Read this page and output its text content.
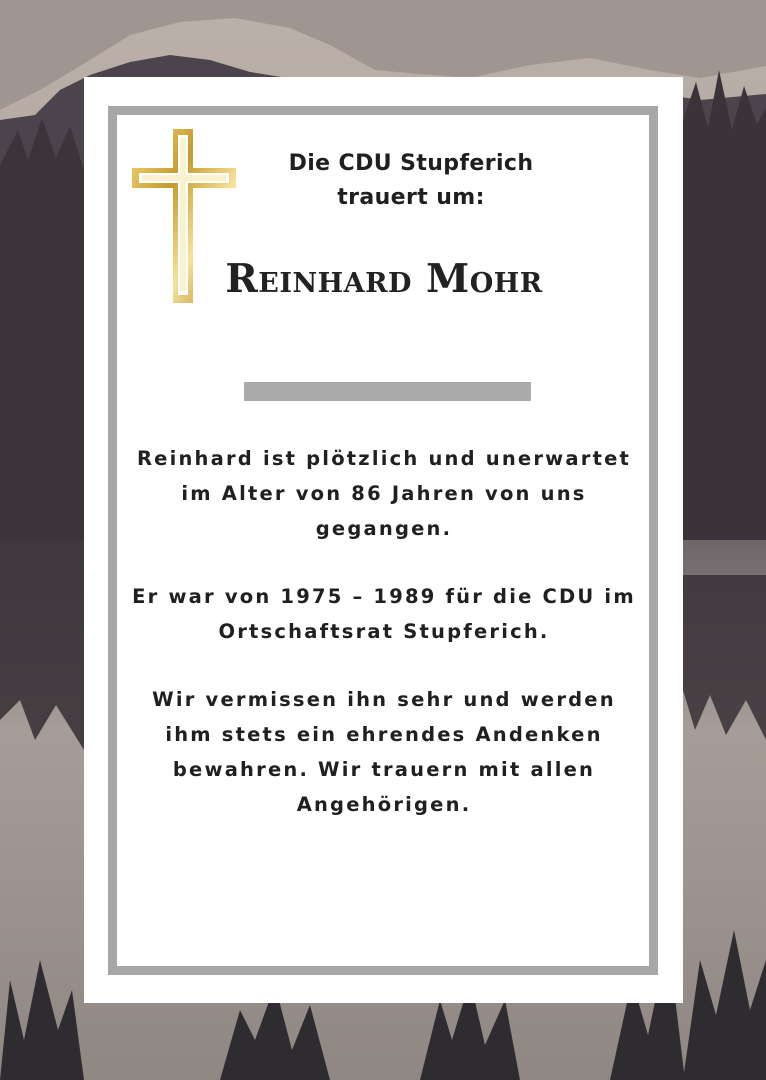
Die CDU Stupferich
trauert um:
Reinhard Mohr
Reinhard ist plötzlich und unerwartet im Alter von 86 Jahren von uns gegangen.
Er war von 1975 – 1989 für die CDU im Ortschaftsrat Stupferich.
Wir vermissen ihn sehr und werden ihm stets ein ehrendes Andenken bewahren. Wir trauern mit allen Angehörigen.
